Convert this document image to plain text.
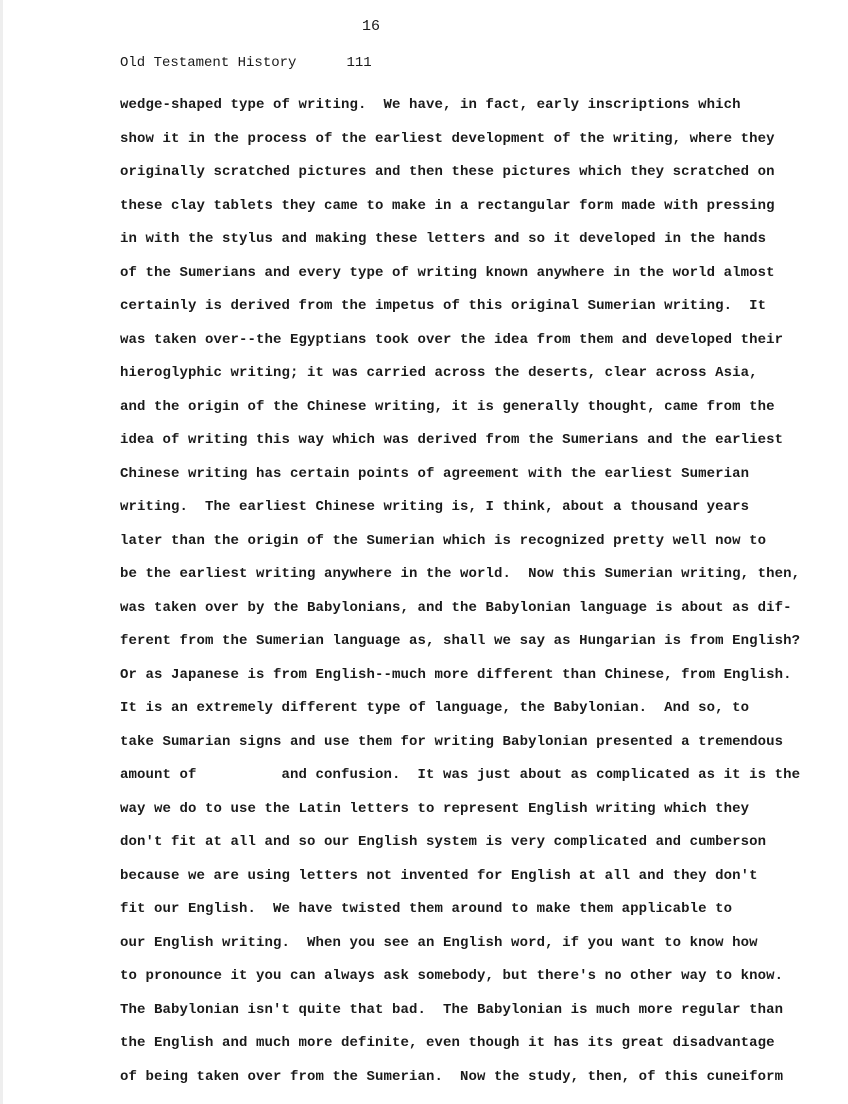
16
Old Testament History	111
wedge-shaped type of writing.  We have, in fact, early inscriptions which
show it in the process of the earliest development of the writing, where they
originally scratched pictures and then these pictures which they scratched on
these clay tablets they came to make in a rectangular form made with pressing
in with the stylus and making these letters and so it developed in the hands
of the Sumerians and every type of writing known anywhere in the world almost
certainly is derived from the impetus of this original Sumerian writing.  It
was taken over--the Egyptians took over the idea from them and developed their
hieroglyphic writing; it was carried across the deserts, clear across Asia,
and the origin of the Chinese writing, it is generally thought, came from the
idea of writing this way which was derived from the Sumerians and the earliest
Chinese writing has certain points of agreement with the earliest Sumerian
writing.  The earliest Chinese writing is, I think, about a thousand years
later than the origin of the Sumerian which is recognized pretty well now to
be the earliest writing anywhere in the world.  Now this Sumerian writing, then,
was taken over by the Babylonians, and the Babylonian language is about as dif-
ferent from the Sumerian language as, shall we say as Hungarian is from English?
Or as Japanese is from English--much more different than Chinese, from English.
It is an extremely different type of language, the Babylonian.  And so, to
take Sumarian signs and use them for writing Babylonian presented a tremendous
amount of          and confusion.  It was just about as complicated as it is the
way we do to use the Latin letters to represent English writing which they
don't fit at all and so our English system is very complicated and cumberson
because we are using letters not invented for English at all and they don't
fit our English.  We have twisted them around to make them applicable to
our English writing.  When you see an English word, if you want to know how
to pronounce it you can always ask somebody, but there's no other way to know.
The Babylonian isn't quite that bad.  The Babylonian is much more regular than
the English and much more definite, even though it has its great disadvantage
of being taken over from the Sumerian.  Now the study, then, of this cuneiform
